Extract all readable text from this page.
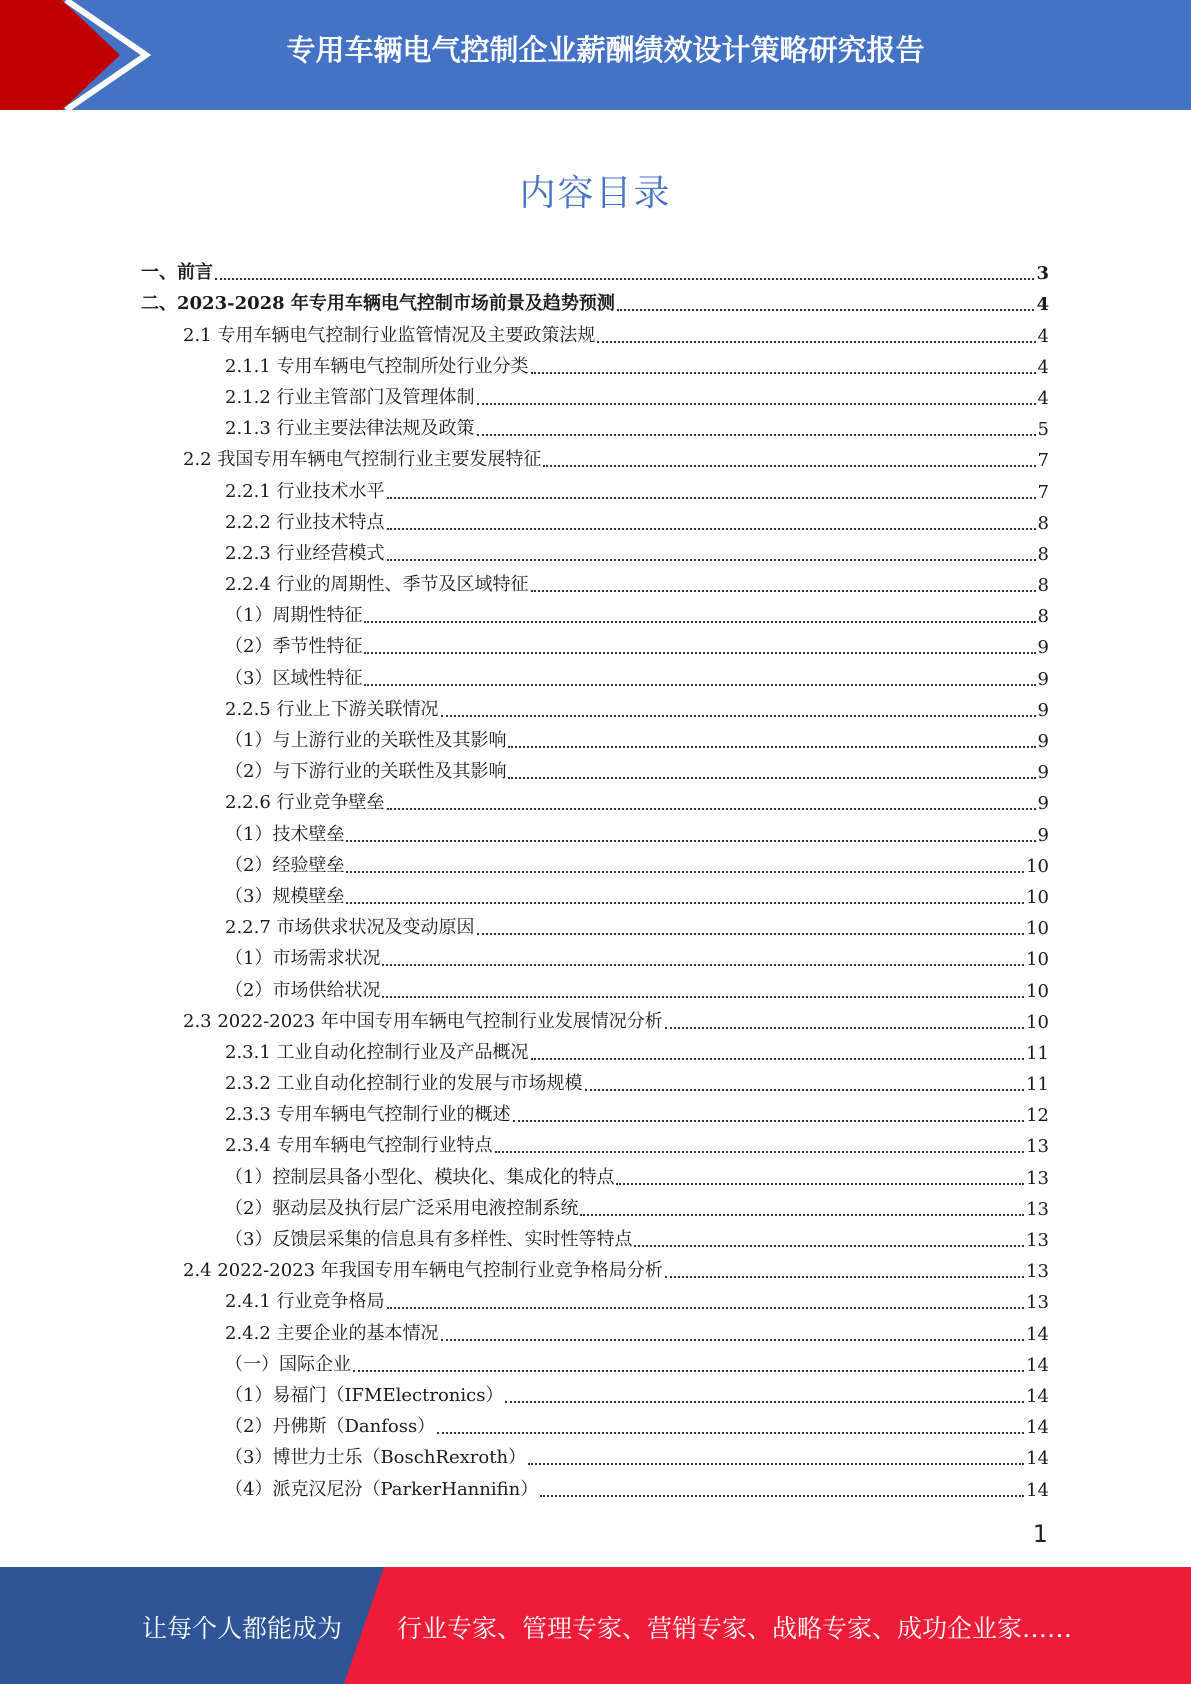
专用车辆电气控制企业薪酬绩效设计策略研究报告
内容目录
一、前言	3
二、2023-2028 年专用车辆电气控制市场前景及趋势预测	4
2.1 专用车辆电气控制行业监管情况及主要政策法规	4
2.1.1 专用车辆电气控制所处行业分类	4
2.1.2 行业主管部门及管理体制	4
2.1.3 行业主要法律法规及政策	5
2.2 我国专用车辆电气控制行业主要发展特征	7
2.2.1 行业技术水平	7
2.2.2 行业技术特点	8
2.2.3 行业经营模式	8
2.2.4 行业的周期性、季节及区域特征	8
（1）周期性特征	8
（2）季节性特征	9
（3）区域性特征	9
2.2.5 行业上下游关联情况	9
（1）与上游行业的关联性及其影响	9
（2）与下游行业的关联性及其影响	9
2.2.6 行业竞争壁垒	9
（1）技术壁垒	9
（2）经验壁垒	10
（3）规模壁垒	10
2.2.7 市场供求状况及变动原因	10
（1）市场需求状况	10
（2）市场供给状况	10
2.3 2022-2023 年中国专用车辆电气控制行业发展情况分析	10
2.3.1 工业自动化控制行业及产品概况	11
2.3.2 工业自动化控制行业的发展与市场规模	11
2.3.3 专用车辆电气控制行业的概述	12
2.3.4 专用车辆电气控制行业特点	13
（1）控制层具备小型化、模块化、集成化的特点	13
（2）驱动层及执行层广泛采用电液控制系统	13
（3）反馈层采集的信息具有多样性、实时性等特点	13
2.4 2022-2023 年我国专用车辆电气控制行业竞争格局分析	13
2.4.1 行业竞争格局	13
2.4.2 主要企业的基本情况	14
（一）国际企业	14
（1）易福门（IFMElectronics）	14
（2）丹佛斯（Danfoss）	14
（3）博世力士乐（BoschRexroth）	14
（4）派克汉尼汾（ParkerHannifin）	14
1
让每个人都能成为 行业专家、管理专家、营销专家、战略专家、成功企业家……
